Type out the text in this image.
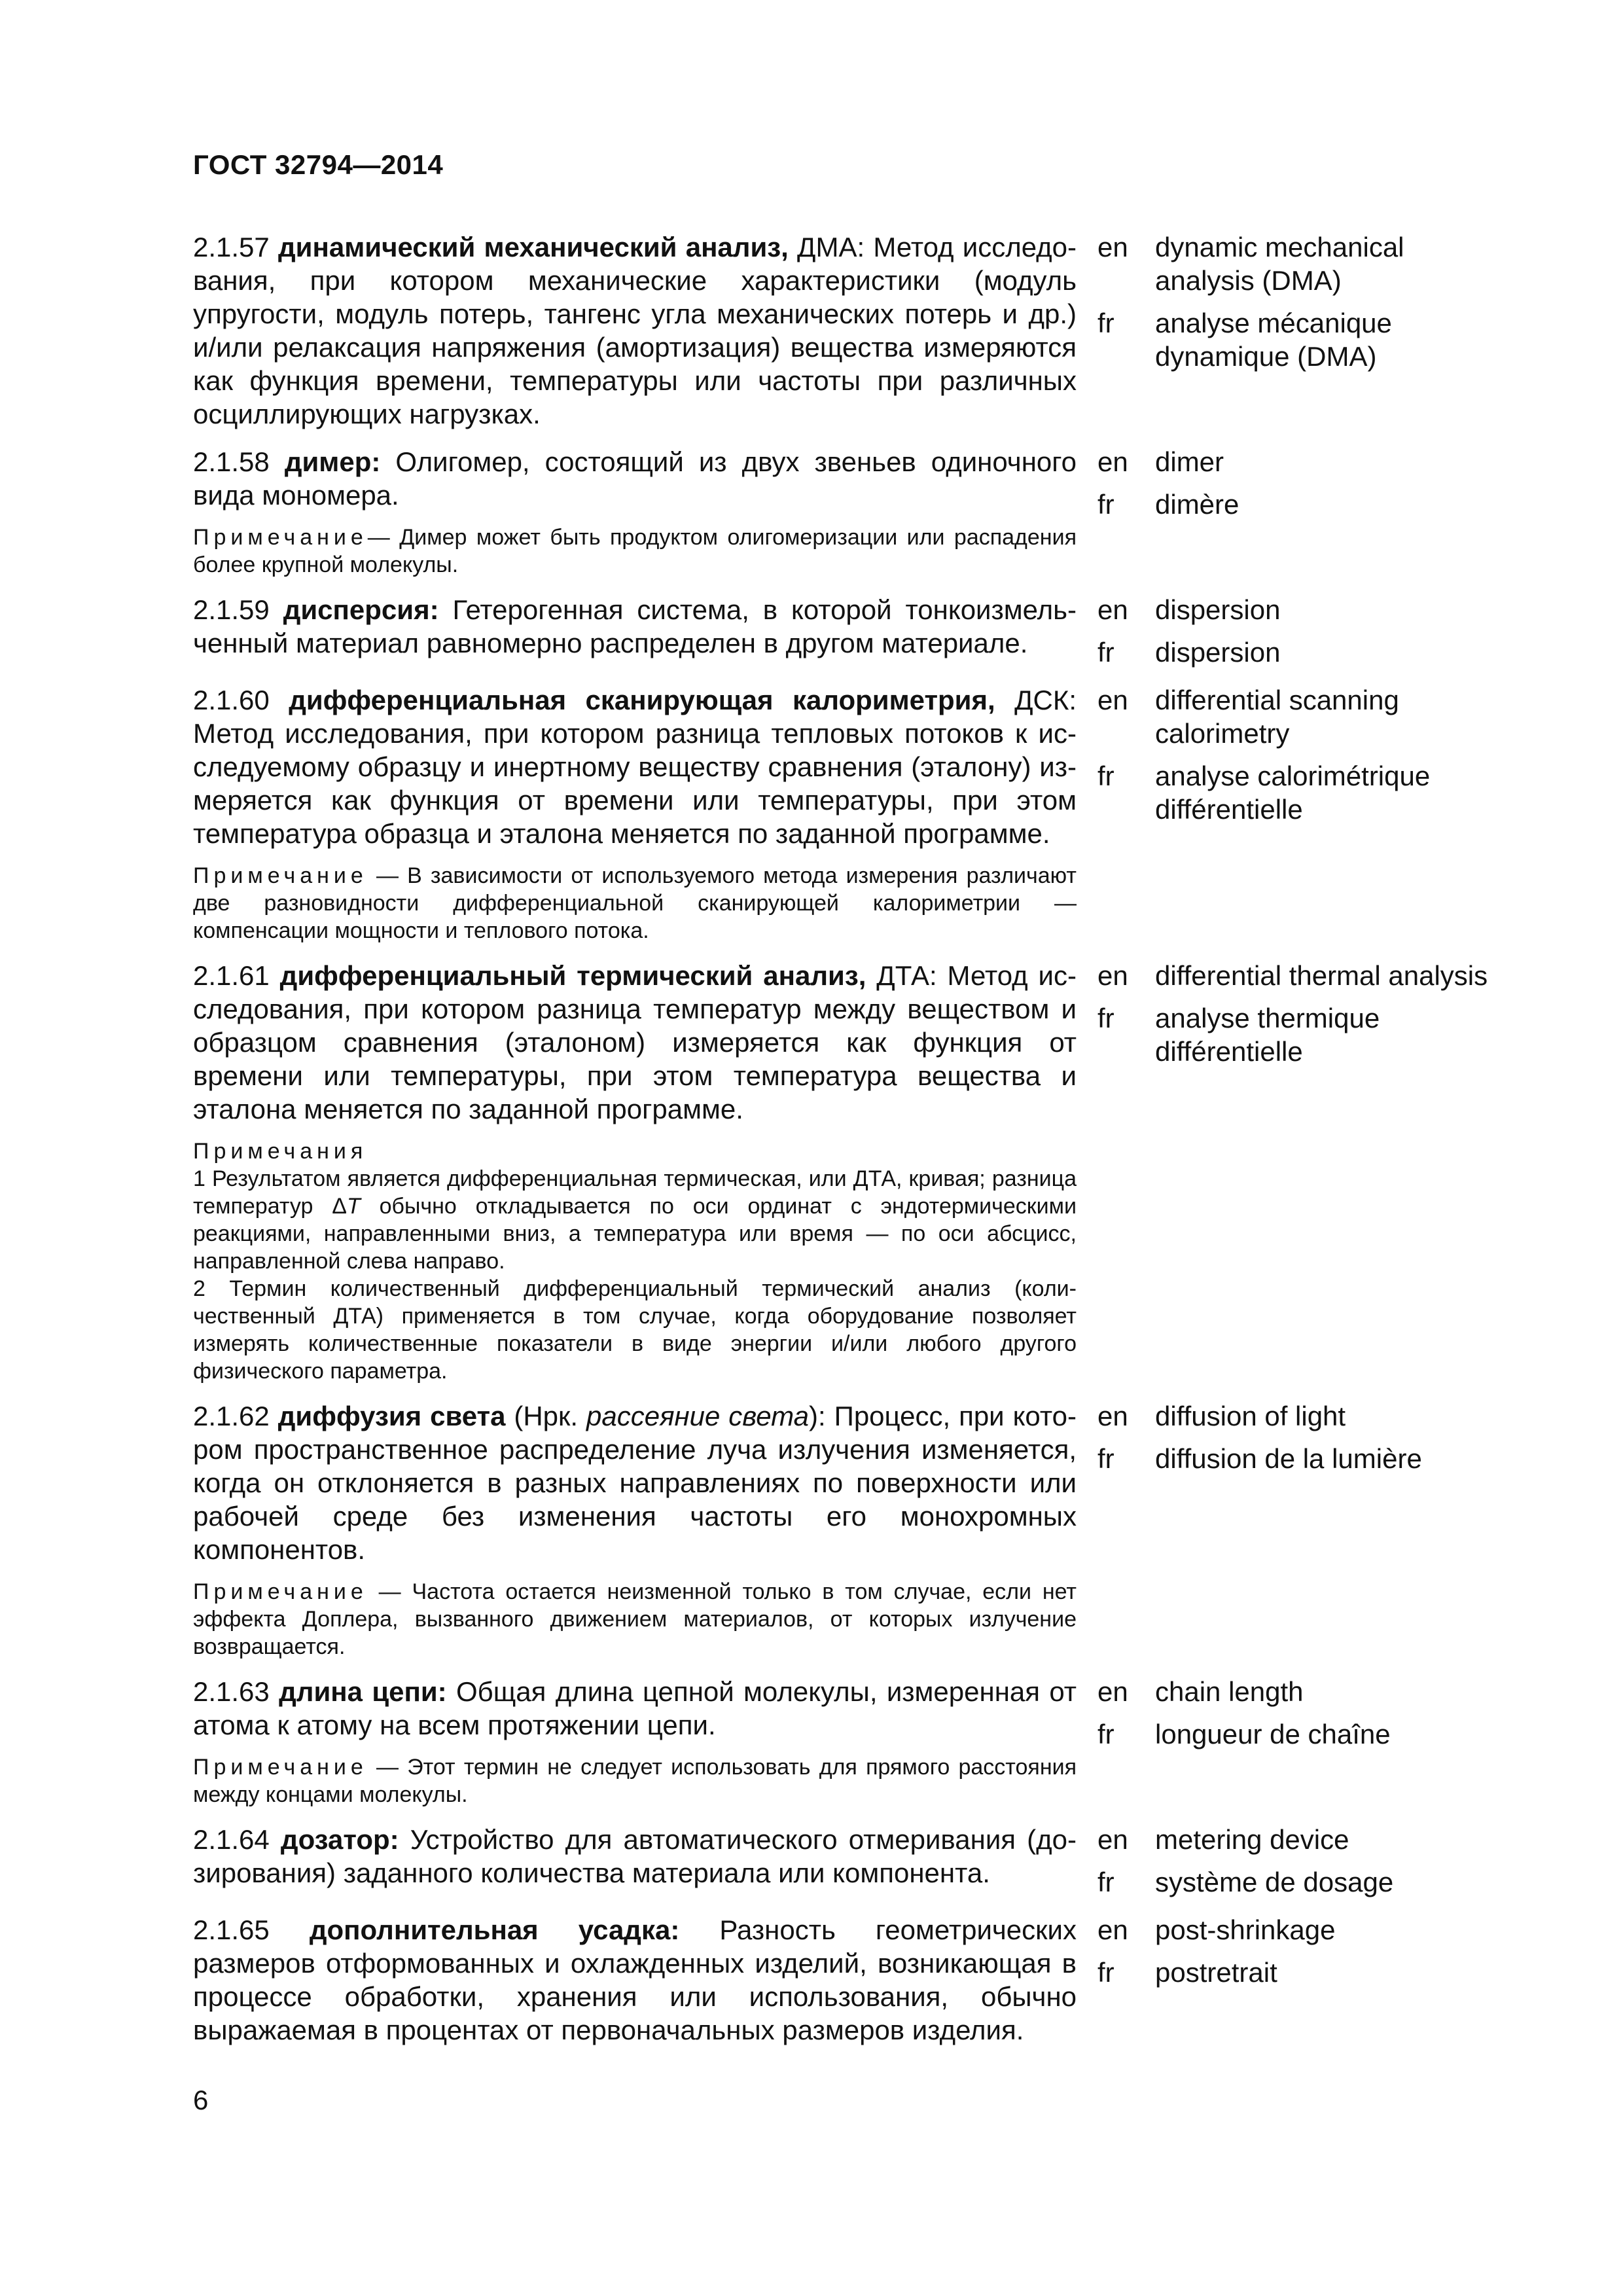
ГОСТ 32794—2014

2.1.57 динамический механический анализ, ДМА: Метод исследования, при котором механические характеристики (модуль упругости, модуль потерь, тангенс угла механических потерь и др.) и/или релаксация напряжения (амортизация) вещества измеряются как функция времени, температуры или частоты при различных осциллирующих нагрузках.

en dynamic mechanical analysis (DMA)
fr	analyse mécanique dynamique (DMA)

2.1.58 димер: Олигомер, состоящий из двух звеньев одиночного вида мономера.

Примечание— Димер может быть продуктом олигомеризации или распадения более крупной молекулы.

en dimer
fr	dimère

2.1.59 дисперсия: Гетерогенная система, в которой тонкоизмельченный материал равномерно распределен в другом материале.

en dispersion
fr	dispersion

2.1.60 дифференциальная сканирующая калориметрия, ДСК: Метод исследования, при котором разница тепловых потоков к исследуемому образцу и инертному веществу сравнения (эталону) измеряется как функция от времени или температуры, при этом температура образца и эталона меняется по заданной программе.

Примечание — В зависимости от используемого метода измерения различают две разновидности дифференциальной сканирующей калориметрии — компенсации мощности и теплового потока.

en differential scanning calorimetry
fr	analyse calorimétrique différentielle

2.1.61 дифференциальный термический анализ, ДТА: Метод исследования, при котором разница температур между веществом и образцом сравнения (эталоном) измеряется как функция от времени или температуры, при этом температура вещества и эталона меняется по заданной программе.

Примечания

1 Результатом является дифференциальная термическая, или ДТА, кривая; разница температур ΔT обычно откладывается по оси ординат с эндотермическими реакциями, направленными вниз, а температура или время — по оси абсцисс, направленной слева направо.

2 Термин количественный дифференциальный термический анализ (количественный ДТА) применяется в том случае, когда оборудование позволяет измерять количественные показатели в виде энергии и/или любого другого физического параметра.

en differential thermal analysis
fr	analyse thermique différentielle

2.1.62 диффузия света (Нрк. рассеяние света): Процесс, при котором пространственное распределение луча излучения изменяется, когда он отклоняется в разных направлениях по поверхности или рабочей среде без изменения частоты его монохромных компонентов.

Примечание — Частота остается неизменной только в том случае, если нет эффекта Доплера, вызванного движением материалов, от которых излучение возвращается.

en diffusion of light
fr	diffusion de la lumière

2.1.63 длина цепи: Общая длина цепной молекулы, измеренная от атома к атому на всем протяжении цепи.

Примечание — Этот термин не следует использовать для прямого расстояния между концами молекулы.

en chain length
fr	longueur de chaîne

2.1.64 дозатор: Устройство для автоматического отмеривания (дозирования) заданного количества материала или компонента.

en metering device
fr	système de dosage

2.1.65 дополнительная усадка: Разность геометрических размеров отформованных и охлажденных изделий, возникающая в процессе обработки, хранения или использования, обычно выражаемая в процентах от первоначальных размеров изделия.

en post-shrinkage
fr	postretrait
6
